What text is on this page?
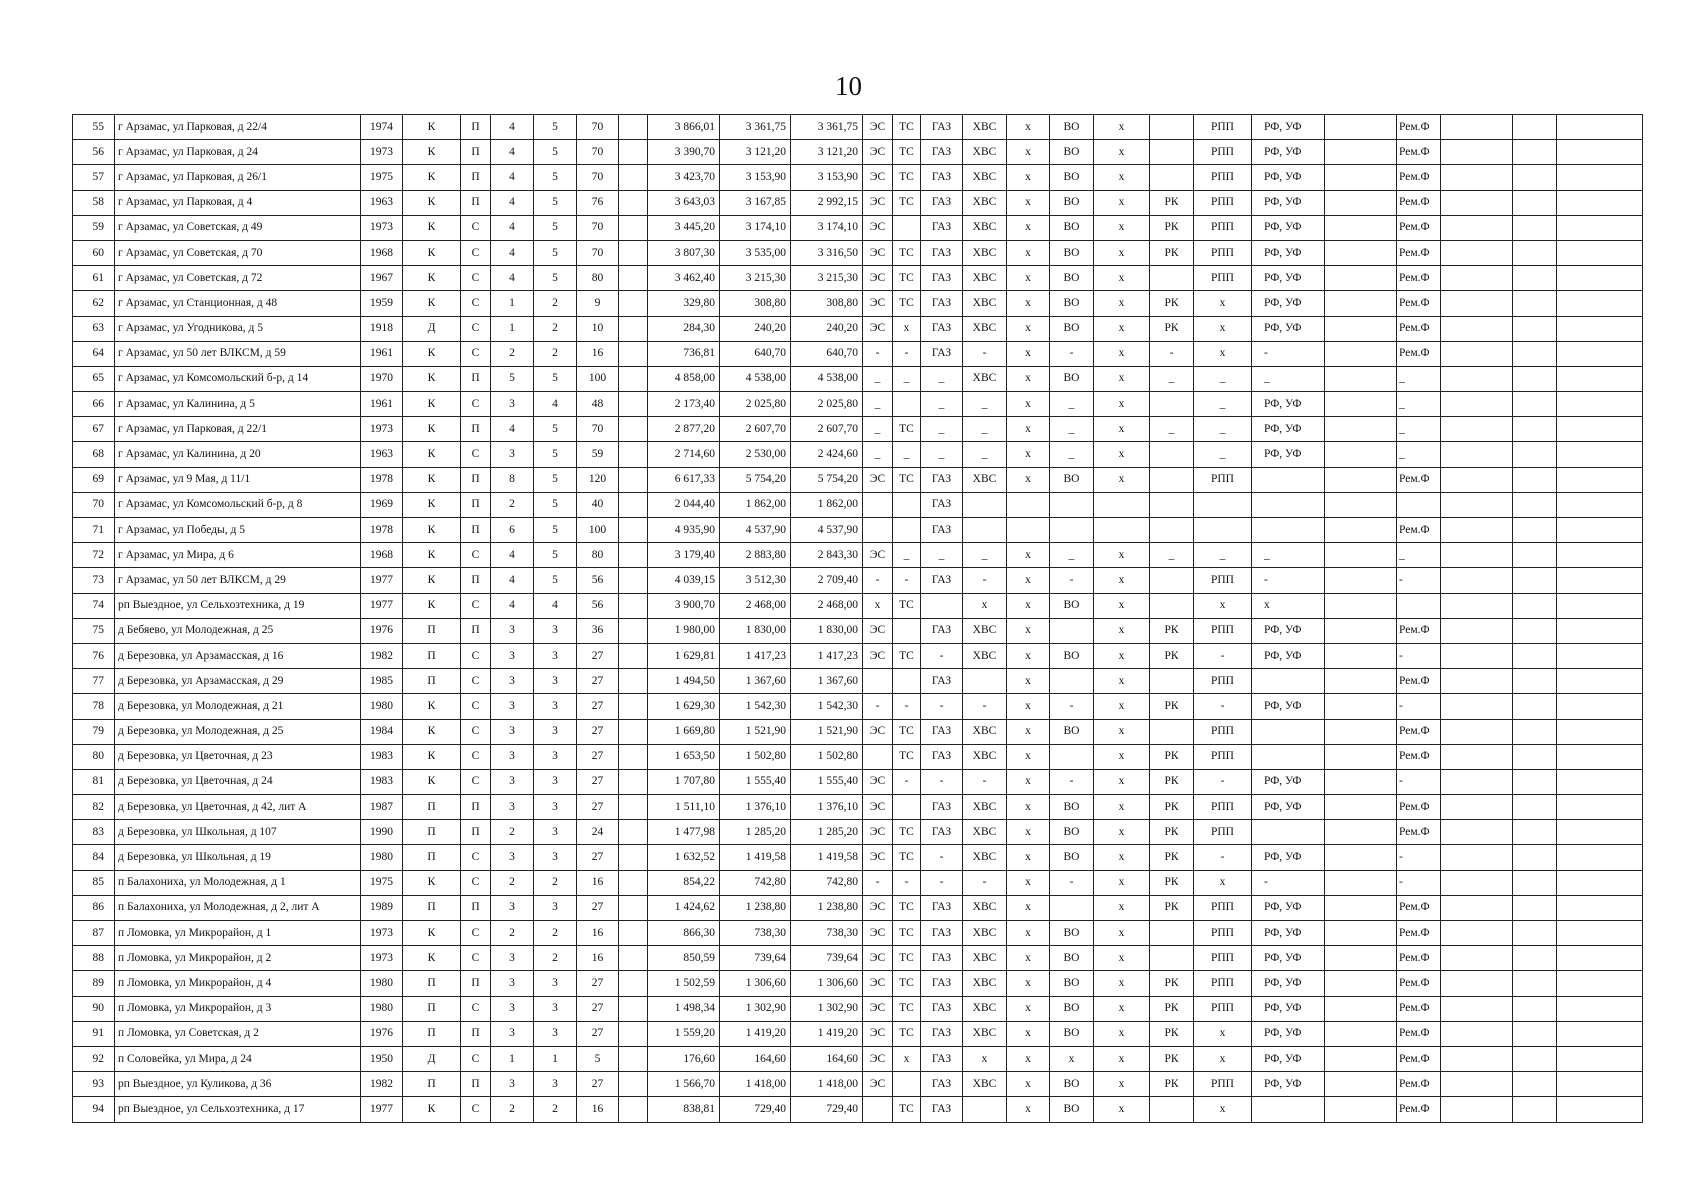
10
55	г Арзамас, ул Парковая, д 22/4	1974	К	П	4	5	70		3 866,01	3 361,75	3 361,75	ЭС	ТС	ГАЗ	ХВС	х	ВО	х		РПП	РФ, УФ		Рем.Ф			
56	г Арзамас, ул Парковая, д 24	1973	К	П	4	5	70		3 390,70	3 121,20	3 121,20	ЭС	ТС	ГАЗ	ХВС	х	ВО	х		РПП	РФ, УФ		Рем.Ф			
57	г Арзамас, ул Парковая, д 26/1	1975	К	П	4	5	70		3 423,70	3 153,90	3 153,90	ЭС	ТС	ГАЗ	ХВС	х	ВО	х		РПП	РФ, УФ		Рем.Ф			
58	г Арзамас, ул Парковая, д 4	1963	К	П	4	5	76		3 643,03	3 167,85	2 992,15	ЭС	ТС	ГАЗ	ХВС	х	ВО	х	РК	РПП	РФ, УФ		Рем.Ф			
59	г Арзамас, ул Советская, д 49	1973	К	С	4	5	70		3 445,20	3 174,10	3 174,10	ЭС		ГАЗ	ХВС	х	ВО	х	РК	РПП	РФ, УФ		Рем.Ф			
60	г Арзамас, ул Советская, д 70	1968	К	С	4	5	70		3 807,30	3 535,00	3 316,50	ЭС	ТС	ГАЗ	ХВС	х	ВО	х	РК	РПП	РФ, УФ		Рем.Ф			
61	г Арзамас, ул Советская, д 72	1967	К	С	4	5	80		3 462,40	3 215,30	3 215,30	ЭС	ТС	ГАЗ	ХВС	х	ВО	х		РПП	РФ, УФ		Рем.Ф			
62	г Арзамас, ул Станционная, д 48	1959	К	С	1	2	9		329,80	308,80	308,80	ЭС	ТС	ГАЗ	ХВС	х	ВО	х	РК	х	РФ, УФ		Рем.Ф			
63	г Арзамас, ул Угодникова, д 5	1918	Д	С	1	2	10		284,30	240,20	240,20	ЭС	х	ГАЗ	ХВС	х	ВО	х	РК	х	РФ, УФ		Рем.Ф			
64	г Арзамас, ул 50 лет ВЛКСМ, д 59	1961	К	С	2	2	16		736,81	640,70	640,70	-	-	ГАЗ	-	х	-	х	-	х	-		Рем.Ф			
65	г Арзамас, ул Комсомольский б-р, д 14	1970	К	П	5	5	100		4 858,00	4 538,00	4 538,00	_	_	_	ХВС	х	ВО	х	_	_	_		_			
66	г Арзамас, ул Калинина, д 5	1961	К	С	3	4	48		2 173,40	2 025,80	2 025,80	_		_	_	х	_	х		_	РФ, УФ		_			
67	г Арзамас, ул Парковая, д 22/1	1973	К	П	4	5	70		2 877,20	2 607,70	2 607,70	_	ТС	_	_	х	_	х	_	_	РФ, УФ		_			
68	г Арзамас, ул Калинина, д 20	1963	К	С	3	5	59		2 714,60	2 530,00	2 424,60	_	_	_	_	х	_	х		_	РФ, УФ		_			
69	г Арзамас, ул 9 Мая, д 11/1	1978	К	П	8	5	120		6 617,33	5 754,20	5 754,20	ЭС	ТС	ГАЗ	ХВС	х	ВО	х		РПП			Рем.Ф			
70	г Арзамас, ул Комсомольский б-р, д 8	1969	К	П	2	5	40		2 044,40	1 862,00	1 862,00			ГАЗ												
71	г Арзамас, ул Победы, д 5	1978	К	П	6	5	100		4 935,90	4 537,90	4 537,90			ГАЗ									Рем.Ф			
72	г Арзамас, ул Мира, д 6	1968	К	С	4	5	80		3 179,40	2 883,80	2 843,30	ЭС	_	_	_	х	_	х	_	_	_		_			
73	г Арзамас, ул 50 лет ВЛКСМ, д 29	1977	К	П	4	5	56		4 039,15	3 512,30	2 709,40	-	-	ГАЗ	-	х	-	х		РПП	-		-			
74	рп Выездное, ул Сельхозтехника, д 19	1977	К	С	4	4	56		3 900,70	2 468,00	2 468,00	х	ТС		х	х	ВО	х		х	х					
75	д Бебяево, ул Молодежная, д 25	1976	П	П	3	3	36		1 980,00	1 830,00	1 830,00	ЭС		ГАЗ	ХВС	х		х	РК	РПП	РФ, УФ		Рем.Ф			
76	д Березовка, ул Арзамасская, д 16	1982	П	С	3	3	27		1 629,81	1 417,23	1 417,23	ЭС	ТС	-	ХВС	х	ВО	х	РК	-	РФ, УФ		-			
77	д Березовка, ул Арзамасская, д 29	1985	П	С	3	3	27		1 494,50	1 367,60	1 367,60			ГАЗ		х		х		РПП			Рем.Ф			
78	д Березовка, ул Молодежная, д 21	1980	К	С	3	3	27		1 629,30	1 542,30	1 542,30	-	-	-	-	х	-	х	РК	-	РФ, УФ		-			
79	д Березовка, ул Молодежная, д 25	1984	К	С	3	3	27		1 669,80	1 521,90	1 521,90	ЭС	ТС	ГАЗ	ХВС	х	ВО	х		РПП			Рем.Ф			
80	д Березовка, ул Цветочная, д 23	1983	К	С	3	3	27		1 653,50	1 502,80	1 502,80		ТС	ГАЗ	ХВС	х		х	РК	РПП			Рем.Ф			
81	д Березовка, ул Цветочная, д 24	1983	К	С	3	3	27		1 707,80	1 555,40	1 555,40	ЭС	-	-	-	х	-	х	РК	-	РФ, УФ		-			
82	д Березовка, ул Цветочная, д 42, лит А	1987	П	П	3	3	27		1 511,10	1 376,10	1 376,10	ЭС		ГАЗ	ХВС	х	ВО	х	РК	РПП	РФ, УФ		Рем.Ф			
83	д Березовка, ул Школьная, д 107	1990	П	П	2	3	24		1 477,98	1 285,20	1 285,20	ЭС	ТС	ГАЗ	ХВС	х	ВО	х	РК	РПП			Рем.Ф			
84	д Березовка, ул Школьная, д 19	1980	П	С	3	3	27		1 632,52	1 419,58	1 419,58	ЭС	ТС	-	ХВС	х	ВО	х	РК	-	РФ, УФ		-			
85	п Балахониха, ул Молодежная, д 1	1975	К	С	2	2	16		854,22	742,80	742,80	-	-	-	-	х	-	х	РК	х	-		-			
86	п Балахониха, ул Молодежная, д 2, лит А	1989	П	П	3	3	27		1 424,62	1 238,80	1 238,80	ЭС	ТС	ГАЗ	ХВС	х		х	РК	РПП	РФ, УФ		Рем.Ф			
87	п Ломовка, ул Микрорайон, д 1	1973	К	С	2	2	16		866,30	738,30	738,30	ЭС	ТС	ГАЗ	ХВС	х	ВО	х		РПП	РФ, УФ		Рем.Ф			
88	п Ломовка, ул Микрорайон, д 2	1973	К	С	3	2	16		850,59	739,64	739,64	ЭС	ТС	ГАЗ	ХВС	х	ВО	х		РПП	РФ, УФ		Рем.Ф			
89	п Ломовка, ул Микрорайон, д 4	1980	П	П	3	3	27		1 502,59	1 306,60	1 306,60	ЭС	ТС	ГАЗ	ХВС	х	ВО	х	РК	РПП	РФ, УФ		Рем.Ф			
90	п Ломовка, ул Микрорайон, д 3	1980	П	С	3	3	27		1 498,34	1 302,90	1 302,90	ЭС	ТС	ГАЗ	ХВС	х	ВО	х	РК	РПП	РФ, УФ		Рем.Ф			
91	п Ломовка, ул Советская, д 2	1976	П	П	3	3	27		1 559,20	1 419,20	1 419,20	ЭС	ТС	ГАЗ	ХВС	х	ВО	х	РК	х	РФ, УФ		Рем.Ф			
92	п Соловейка, ул Мира, д 24	1950	Д	С	1	1	5		176,60	164,60	164,60	ЭС	х	ГАЗ	х	х	х	х	РК	х	РФ, УФ		Рем.Ф			
93	рп Выездное, ул Куликова, д 36	1982	П	П	3	3	27		1 566,70	1 418,00	1 418,00	ЭС		ГАЗ	ХВС	х	ВО	х	РК	РПП	РФ, УФ		Рем.Ф			
94	рп Выездное, ул Сельхозтехника, д 17	1977	К	С	2	2	16		838,81	729,40	729,40		ТС	ГАЗ		х	ВО	х		х			Рем.Ф			
